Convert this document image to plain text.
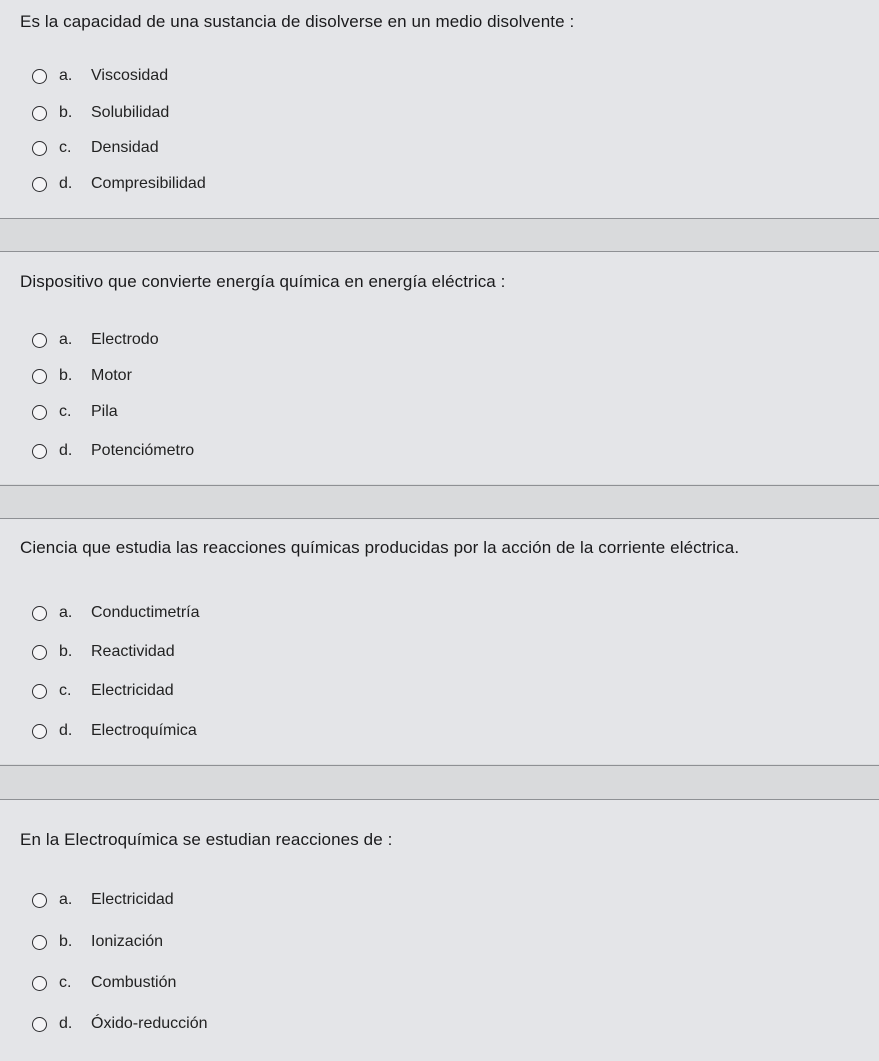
Es la capacidad de una sustancia de disolverse en un medio disolvente :
a.	Viscosidad
b.	Solubilidad
c.	Densidad
d.	Compresibilidad
Dispositivo que convierte energía química en energía eléctrica :
a.	Electrodo
b.	Motor
c.	Pila
d.	Potenciómetro
Ciencia que estudia las reacciones químicas producidas por la acción de la corriente eléctrica.
a.	Conductimetría
b.	Reactividad
c.	Electricidad
d.	Electroquímica
En la Electroquímica se estudian reacciones de :
a.	Electricidad
b.	Ionización
c.	Combustión
d.	Óxido-reducción
